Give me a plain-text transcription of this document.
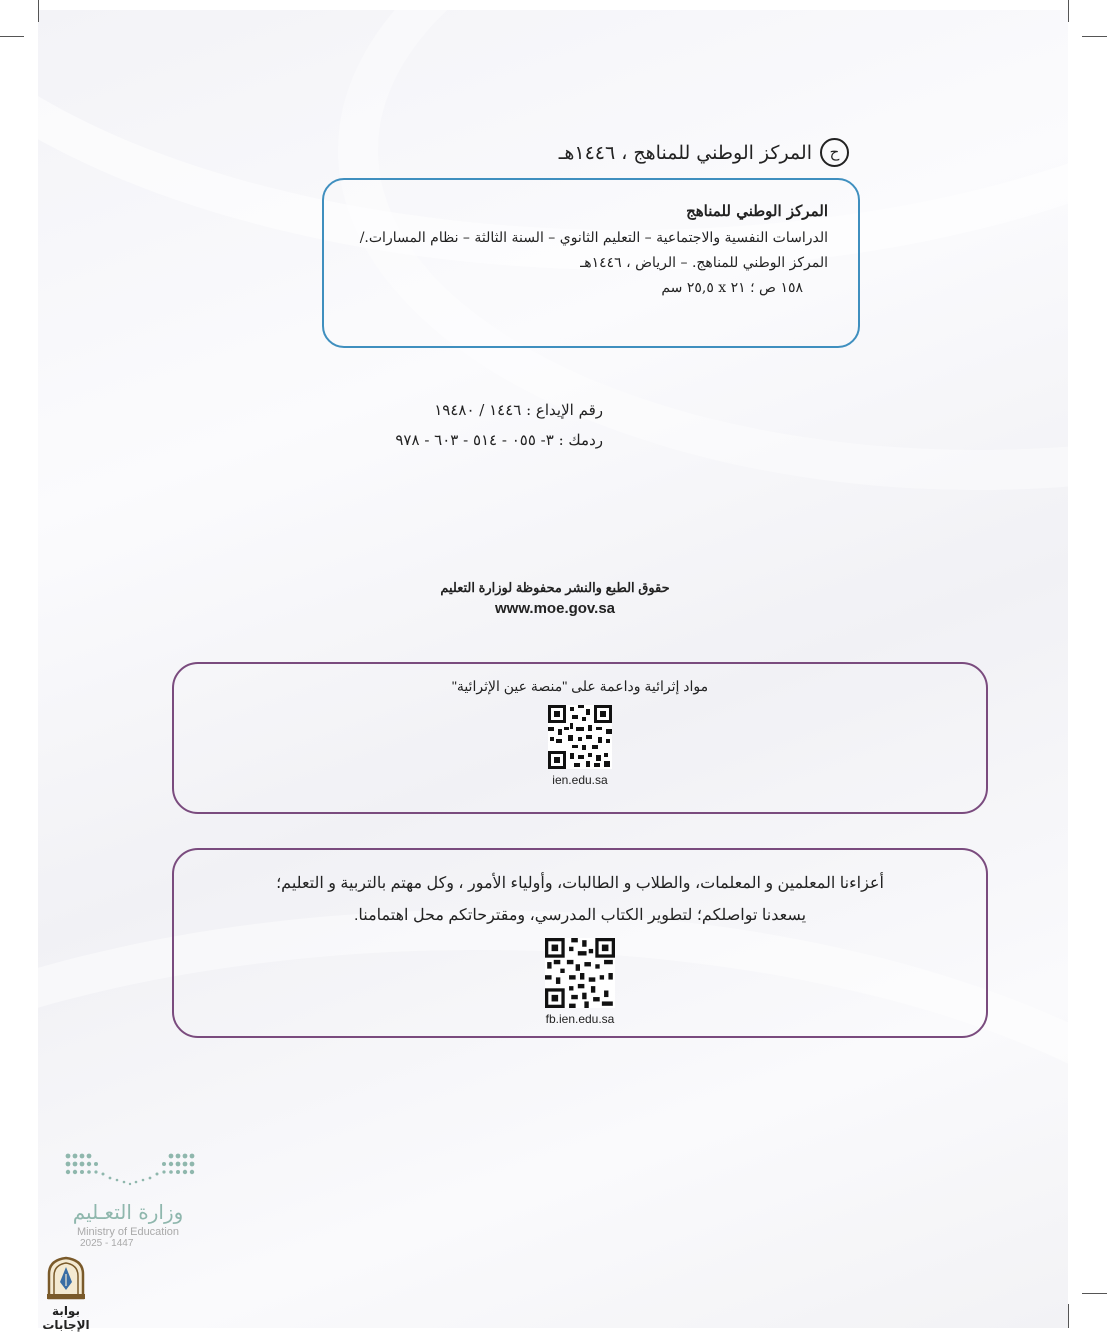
ح
المركز الوطني للمناهج ، ١٤٤٦هـ
المركز الوطني للمناهج
الدراسات النفسية والاجتماعية – التعليم الثانوي – السنة الثالثة – نظام المسارات./
المركز الوطني للمناهج. – الرياض ، ١٤٤٦هـ
١٥٨ ص ؛ ٢١ x ٢٥,٥ سم
رقم الإيداع : ١٤٤٦ / ١٩٤٨٠
ردمك : ٣- ٠٥٥ - ٥١٤ - ٦٠٣ - ٩٧٨
حقوق الطبع والنشر محفوظة لوزارة التعليم
www.moe.gov.sa
مواد إثرائية وداعمة على "منصة عين الإثرائية"
ien.edu.sa
أعزاءنا المعلمين و المعلمات، والطلاب و الطالبات، وأولياء الأمور ، وكل مهتم بالتربية و التعليم؛
يسعدنا تواصلكم؛ لتطوير الكتاب المدرسي، ومقترحاتكم محل اهتمامنا.
fb.ien.edu.sa
وزارة التعـليم
Ministry of Education
2025 - 1447
بوابة الإجابات
